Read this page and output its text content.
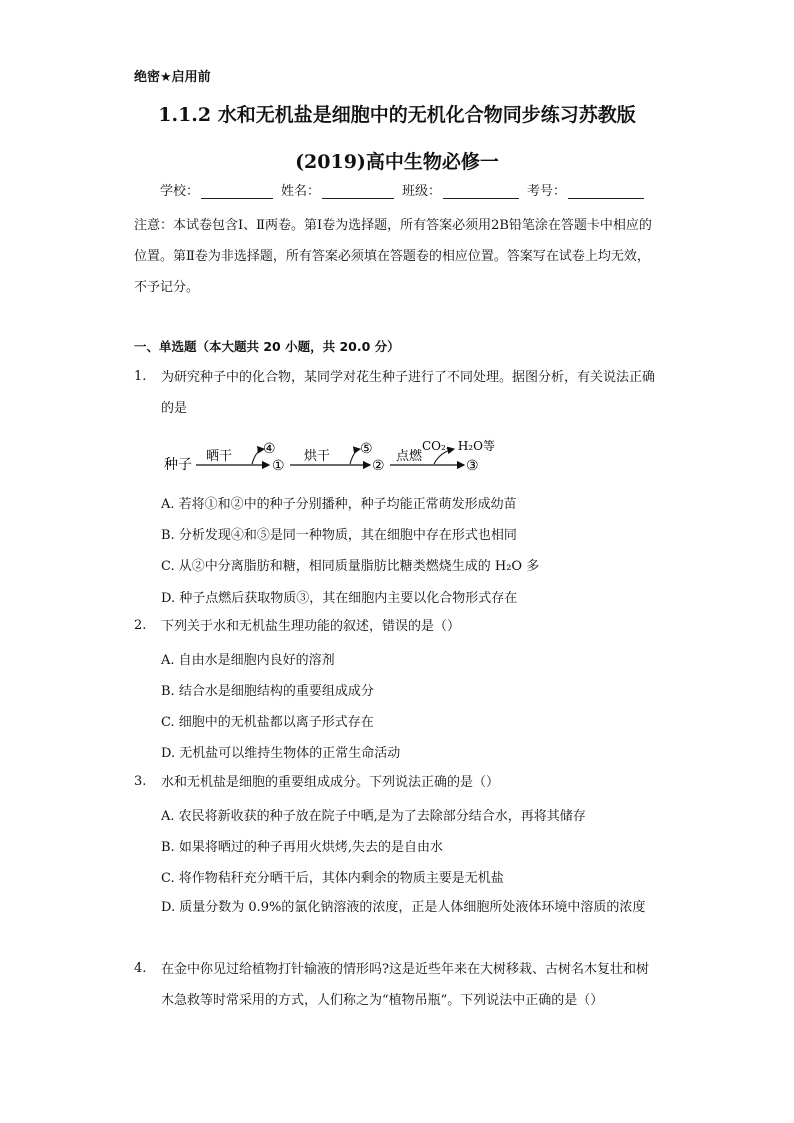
绝密★启用前
1.1.2 水和无机盐是细胞中的无机化合物同步练习苏教版
(2019)高中生物必修一
学校：	姓名：	班级：	考号：
注意：本试卷包含Ⅰ、Ⅱ两卷。第Ⅰ卷为选择题，所有答案必须用2B铅笔涂在答题卡中相应的位置。第Ⅱ卷为非选择题，所有答案必须填在答题卷的相应位置。答案写在试卷上均无效，不予记分。
一、单选题（本大题共 20 小题，共 20.0 分）
1. 为研究种子中的化合物，某同学对花生种子进行了不同处理。据图分析，有关说法正确的是
种子
晒干 ④
①
烘干 ⑤
②
点燃
CO₂、H₂O等
③
A. 若将①和②中的种子分别播种，种子均能正常萌发形成幼苗
B. 分析发现④和⑤是同一种物质，其在细胞中存在形式也相同
C. 从②中分离脂肪和糖，相同质量脂肪比糖类燃烧生成的 H₂O 多
D. 种子点燃后获取物质③，其在细胞内主要以化合物形式存在
2. 下列关于水和无机盐生理功能的叙述，错误的是（）
A. 自由水是细胞内良好的溶剂
B. 结合水是细胞结构的重要组成成分
C. 细胞中的无机盐都以离子形式存在
D. 无机盐可以维持生物体的正常生命活动
3. 水和无机盐是细胞的重要组成成分。下列说法正确的是（）
A. 农民将新收获的种子放在院子中晒,是为了去除部分结合水，再将其储存
B. 如果将晒过的种子再用火烘烤,失去的是自由水
C. 将作物秸秆充分晒干后，其体内剩余的物质主要是无机盐
D. 质量分数为 0.9%的氯化钠溶液的浓度，正是人体细胞所处液体环境中溶质的浓度
4. 在金中你见过给植物打针输液的情形吗?这是近些年来在大树移栽、古树名木复壮和树木急救等时常采用的方式，人们称之为“植物吊瓶”。下列说法中正确的是（）
